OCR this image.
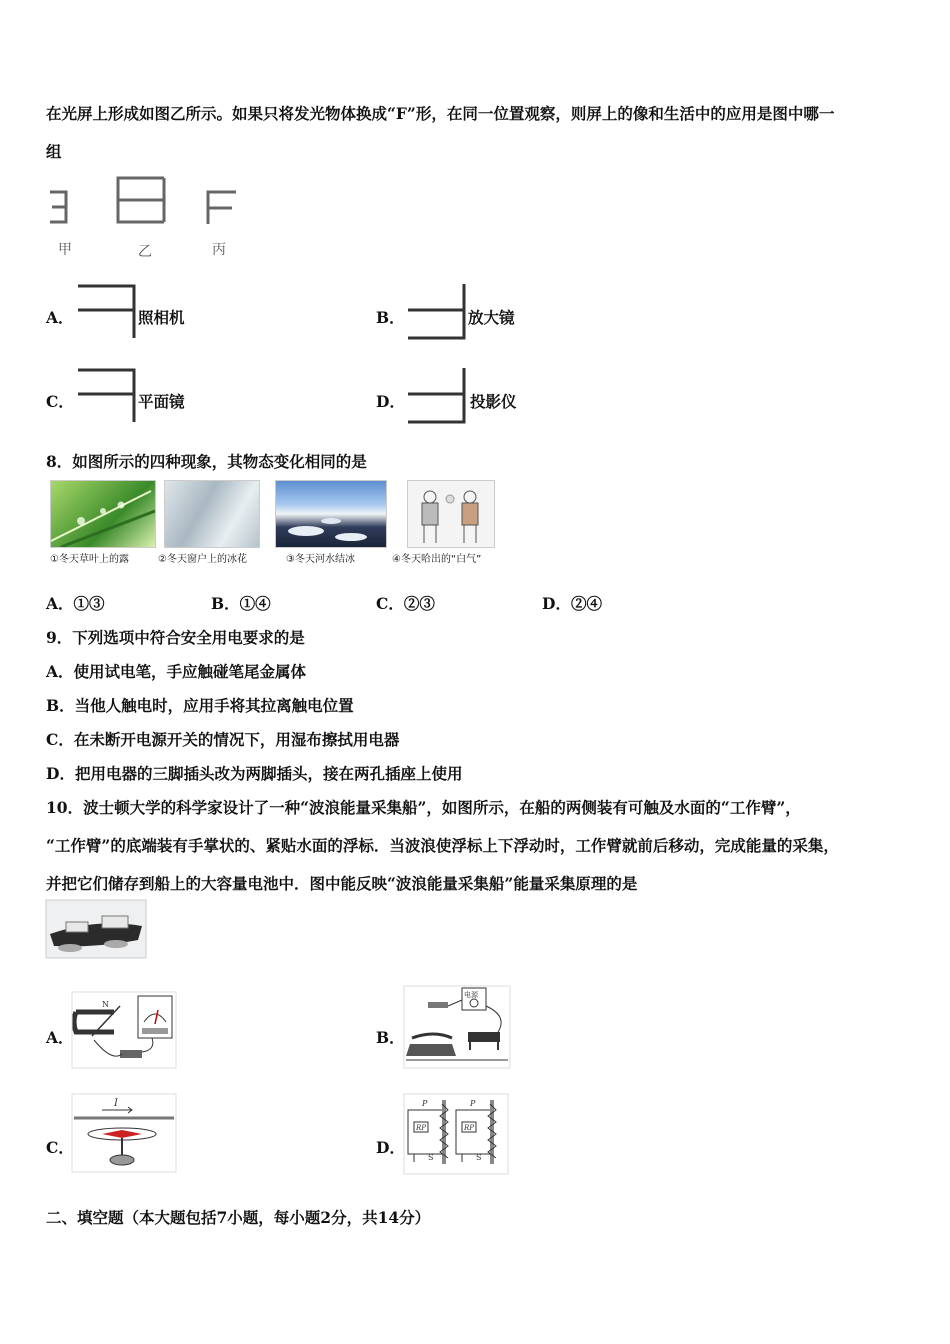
在光屏上形成如图乙所示。如果只将发光物体换成“F”形，在同一位置观察，则屏上的像和生活中的应用是图中哪一
组
甲	乙	丙
A．	照相机	B．	放大镜
C．	平面镜	D．	投影仪
8．如图所示的四种现象，其物态变化相同的是
①冬天草叶上的露	②冬天窗户上的冰花	③冬天河水结冰	④冬天哈出的“白气”
A．①③	B．①④	C．②③	D．②④
9．下列选项中符合安全用电要求的是
A．使用试电笔，手应触碰笔尾金属体
B．当他人触电时，应用手将其拉离触电位置
C．在未断开电源开关的情况下，用湿布擦拭用电器
D．把用电器的三脚插头改为两脚插头，接在两孔插座上使用
10．波士顿大学的科学家设计了一种“波浪能量采集船”，如图所示，在船的两侧装有可触及水面的“工作臂”，
“工作臂”的底端装有手掌状的、紧贴水面的浮标．当波浪使浮标上下浮动时，工作臂就前后移动，完成能量的采集，
并把它们储存到船上的大容量电池中．图中能反映“波浪能量采集船”能量采集原理的是
A．
N
B．
电源
C．
I
D．
P	P
RP	RP
S	S
二、填空题（本大题包括7小题，每小题2分，共14分）
